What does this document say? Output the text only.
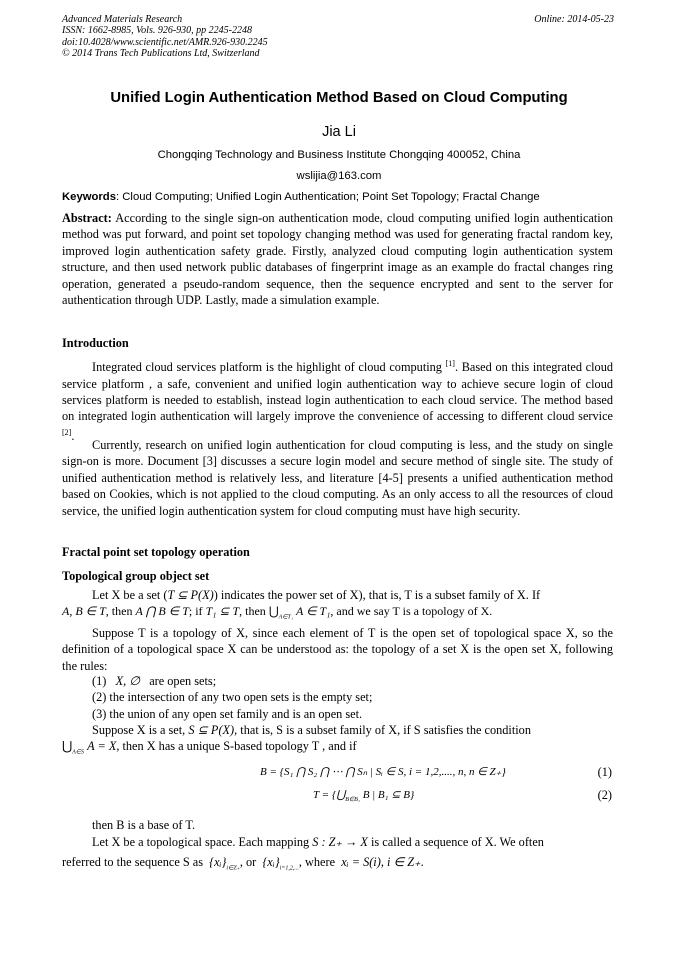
Advanced Materials Research
ISSN: 1662-8985, Vols. 926-930, pp 2245-2248
doi:10.4028/www.scientific.net/AMR.926-930.2245
© 2014 Trans Tech Publications Ltd, Switzerland
Online: 2014-05-23
Unified Login Authentication Method Based on Cloud Computing
Jia Li
Chongqing Technology and Business Institute Chongqing 400052, China
wslijia@163.com
Keywords: Cloud Computing; Unified Login Authentication; Point Set Topology; Fractal Change
Abstract: According to the single sign-on authentication mode, cloud computing unified login authentication method was put forward, and point set topology changing method was used for generating fractal random key, improved login authentication safety grade. Firstly, analyzed cloud computing login authentication system structure, and then used network public databases of fingerprint image as an example do fractal changes ring operation, generated a pseudo-random sequence, then the sequence encrypted and sent to the server for authentication through UDP. Lastly, made a simulation example.
Introduction
Integrated cloud services platform is the highlight of cloud computing [1]. Based on this integrated cloud service platform , a safe, convenient and unified login authentication way to achieve secure login of cloud services platform is needed to establish, instead login authentication to each cloud service. The method based on integrated login authentication will largely improve the convenience of accessing to different cloud service [2].
Currently, research on unified login authentication for cloud computing is less, and the study on single sign-on is more. Document [3] discusses a secure login model and secure method of single site. The study of unified authentication method is relatively less, and literature [4-5] presents a unified authentication method based on Cookies, which is not applied to the cloud computing. As an only access to all the resources of cloud service, the unified login authentication system for cloud computing must have high security.
Fractal point set topology operation
Topological group object set
Let X be a set (T ⊆ P(X)) indicates the power set of X), that is, T is a subset family of X. If
A, B ∈ T, then A ⋂ B ∈ T; if T₁ ⊆ T, then $⋃_{A\in T_1}$ A ∈ T₁, and we say T is a topology of X.
Suppose T is a topology of X, since each element of T is the open set of topological space X, so the definition of a topological space X can be understood as: the topology of a set X is the open set X, following the rules:
(1) X, ∅ are open sets;
(2) the intersection of any two open sets is the empty set;
(3) the union of any open set family and is an open set.
Suppose X is a set, S ⊆ P(X), that is, S is a subset family of X, if S satisfies the condition
$⋃_{A\in S}$ A = X, then X has a unique S-based topology T , and if
B = {S₁ ⋂ S₂ ⋂ ⋯ ⋂ Sₙ | Sᵢ ∈ S, i = 1,2,...., n, n ∈ Z₊}	(1)
$T = \{⋃_{B\in B_1}$ B | B₁ ⊆ B}	(2)
then B is a base of T.
Let X be a topological space. Each mapping S : Z₊ → X is called a sequence of X. We often
referred to the sequence S as $\{xᵢ\}_{i\in Z_+}$, or $\{xᵢ\}_{i=1,2,...}$, where xᵢ = S(i), i ∈ Z₊.
